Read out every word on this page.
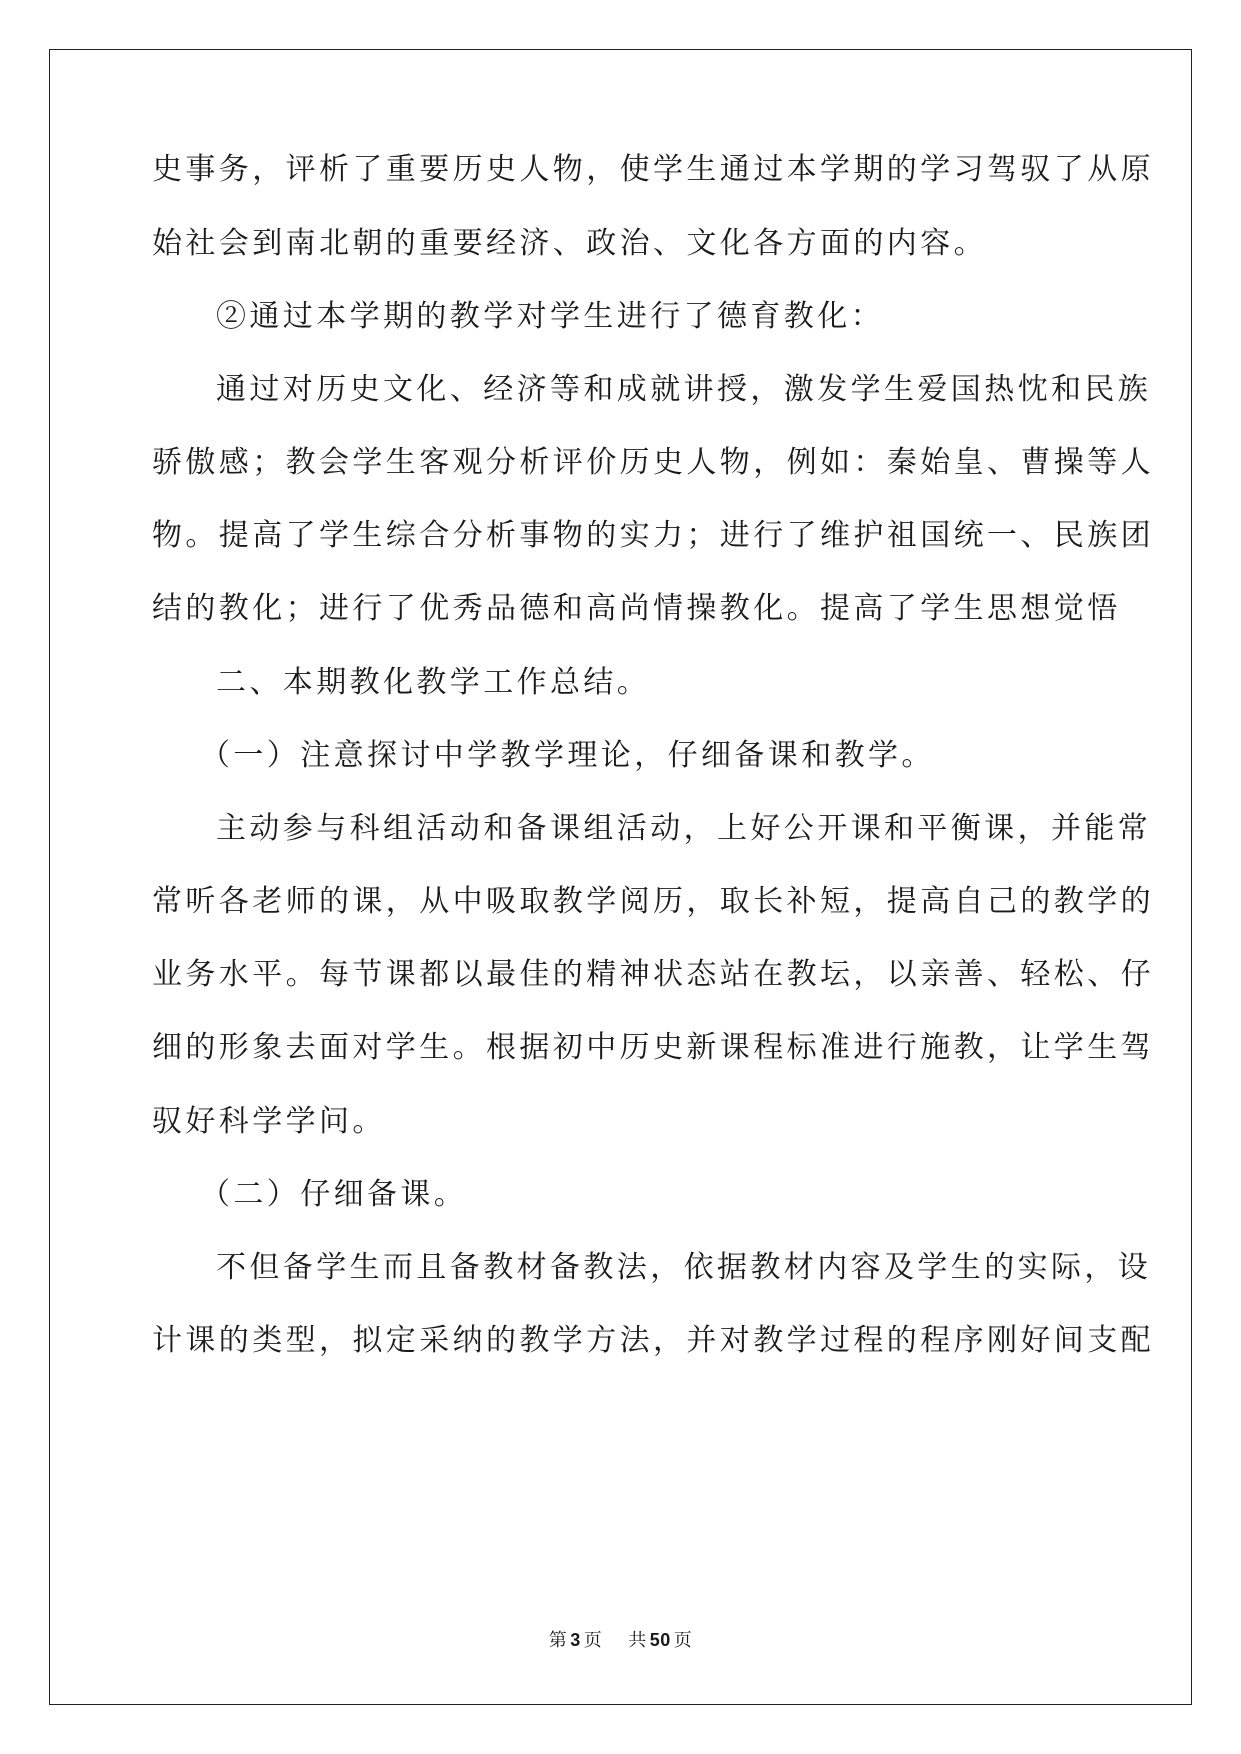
史事务，评析了重要历史人物，使学生通过本学期的学习驾驭了从原
始社会到南北朝的重要经济、政治、文化各方面的内容。
②通过本学期的教学对学生进行了德育教化：
通过对历史文化、经济等和成就讲授，激发学生爱国热忱和民族
骄傲感；教会学生客观分析评价历史人物，例如：秦始皇、曹操等人
物。提高了学生综合分析事物的实力；进行了维护祖国统一、民族团
结的教化；进行了优秀品德和高尚情操教化。提高了学生思想觉悟
二、本期教化教学工作总结。
（一）注意探讨中学教学理论，仔细备课和教学。
主动参与科组活动和备课组活动，上好公开课和平衡课，并能常
常听各老师的课，从中吸取教学阅历，取长补短，提高自己的教学的
业务水平。每节课都以最佳的精神状态站在教坛，以亲善、轻松、仔
细的形象去面对学生。根据初中历史新课程标准进行施教，让学生驾
驭好科学学问。
（二）仔细备课。
不但备学生而且备教材备教法，依据教材内容及学生的实际，设
计课的类型，拟定采纳的教学方法，并对教学过程的程序刚好间支配
第 3 页 共 50 页
